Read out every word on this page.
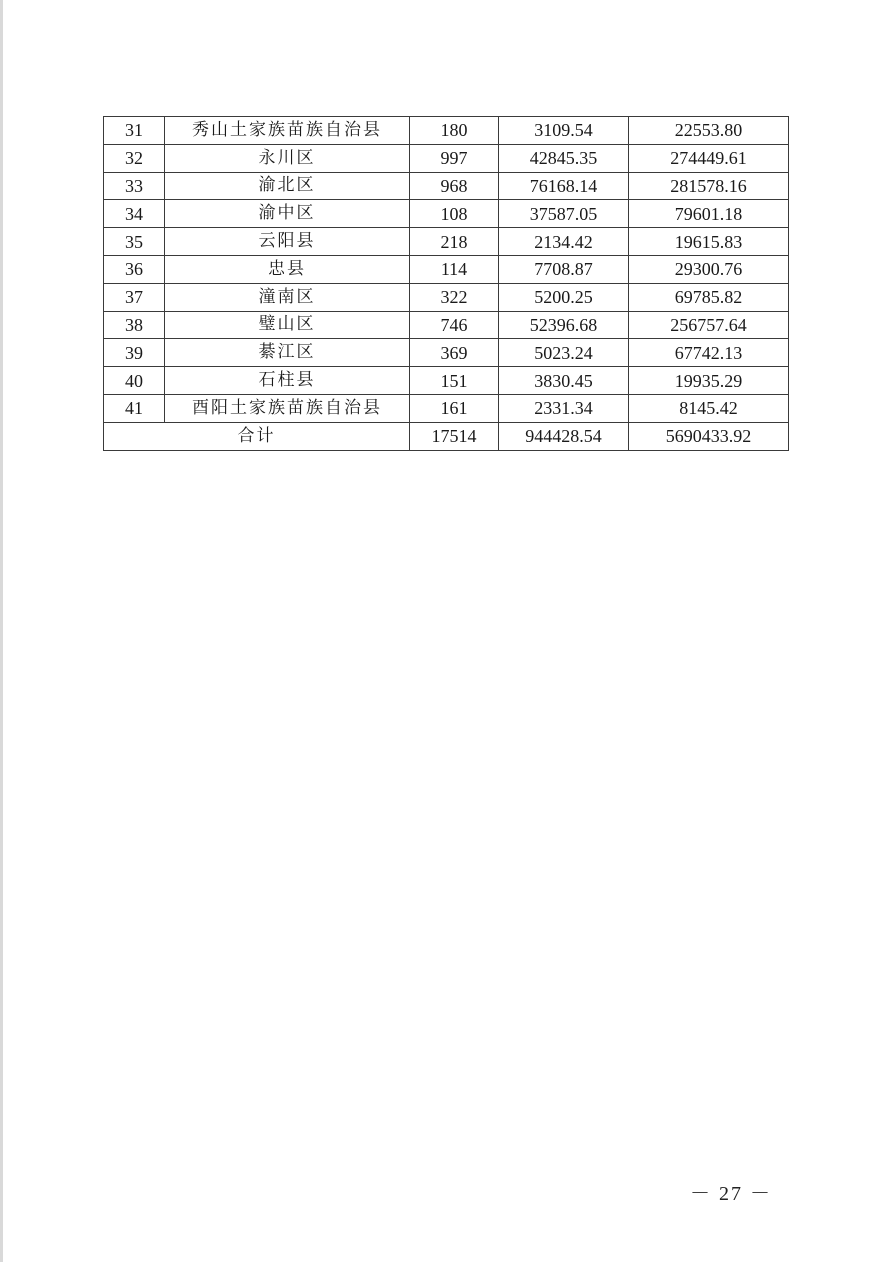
31	秀山土家族苗族自治县	180	3109.54	22553.80
32	永川区	997	42845.35	274449.61
33	渝北区	968	76168.14	281578.16
34	渝中区	108	37587.05	79601.18
35	云阳县	218	2134.42	19615.83
36	忠县	114	7708.87	29300.76
37	潼南区	322	5200.25	69785.82
38	璧山区	746	52396.68	256757.64
39	綦江区	369	5023.24	67742.13
40	石柱县	151	3830.45	19935.29
41	酉阳土家族苗族自治县	161	2331.34	8145.42
合计		17514	944428.54	5690433.92
－ 27 －
